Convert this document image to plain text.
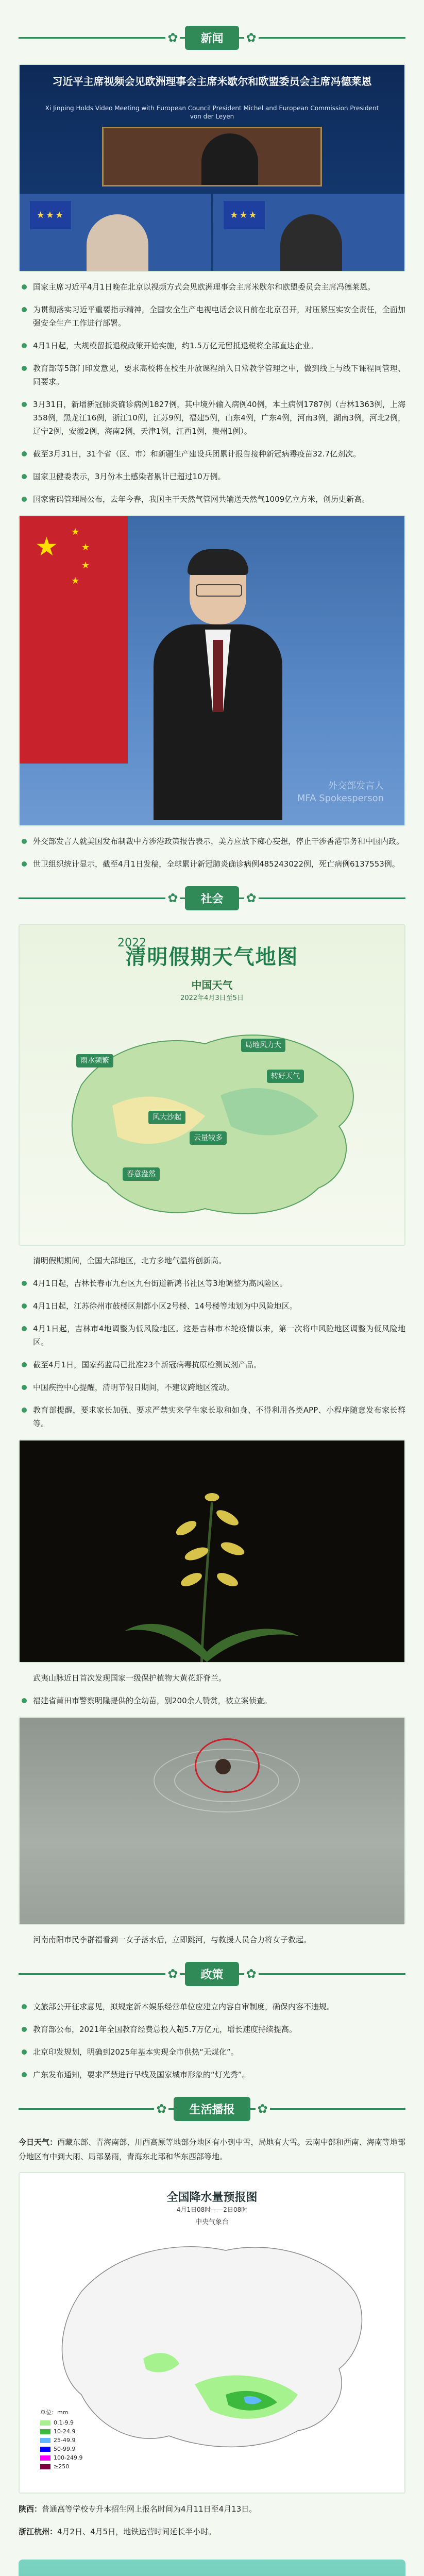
✿	新闻	✿
习近平主席视频会见欧洲理事会主席米歇尔和欧盟委员会主席冯德莱恩
Xi Jinping Holds Video Meeting with European Council President Michel and European Commission President von der Leyen
★★★	★★★

国家主席习近平4月1日晚在北京以视频方式会见欧洲理事会主席米歇尔和欧盟委员会主席冯德莱恩。

为贯彻落实习近平重要指示精神，全国安全生产电视电话会议日前在北京召开，对压紧压实安全责任，全面加强安全生产工作进行部署。

4月1日起，大规模留抵退税政策开始实施，约1.5万亿元留抵退税将全部直达企业。

教育部等5部门印发意见，要求高校将在校生开放课程纳入日常教学管理之中，做到线上与线下课程同管理、同要求。

3月31日，新增新冠肺炎确诊病例1827例，其中境外输入病例40例，本土病例1787例（吉林1363例，上海358例，黑龙江16例，浙江10例，江苏9例，福建5例，山东4例，广东4例，河南3例，湖南3例，河北2例，辽宁2例，安徽2例，海南2例，天津1例，江西1例，贵州1例）。

截至3月31日，31个省（区、市）和新疆生产建设兵团累计报告接种新冠病毒疫苗32.7亿剂次。

国家卫健委表示，3月份本土感染者累计已超过10万例。

国家密码管理局公布，去年今春，我国主干天然气管网共输送天然气1009亿立方米，创历史新高。

★ ★
★
★
★
外交部发言人
MFA Spokesperson

外交部发言人就美国发布制裁中方涉港政策报告表示，美方应放下痴心妄想，停止干涉香港事务和中国内政。

世卫组织统计显示，截至4月1日发稿，全球累计新冠肺炎确诊病例485243022例，死亡病例6137553例。

✿	社会	✿
2022
清明假期天气地图
中国天气
2022年4月3日至5日
雨水频繁
局地风力大
转好天气
云量较多
春意盎然
风大沙起

清明假期期间，全国大部地区，北方多地气温将创新高。

4月1日起，吉林长春市九台区九台街道新鸿书社区等3地调整为高风险区。

4月1日起，江苏徐州市鼓楼区荆都小区2号楼、14号楼等地划为中风险地区。

4月1日起，吉林市4地调整为低风险地区。这是吉林市本轮疫情以来，第一次将中风险地区调整为低风险地区。

截至4月1日，国家药监局已批准23个新冠病毒抗原检测试剂产品。

中国疾控中心提醒，清明节假日期间，不建议跨地区流动。

教育部提醒，要求家长加强、要求严禁实来学生家长取和如身、不得利用各类APP、小程序随意发布家长群等。

武夷山脉近日首次发现国家一级保护植物大黄花虾脊兰。

福建省莆田市警察明隆提供的全幼苗，别200余人赞赏，被立案侦查。

河南南阳市民李群福看到一女子落水后，立即跳河，与救援人员合力将女子救起。

✿	政策	✿

文旅部公开征求意见，拟规定新本娱乐经营单位应建立内容自审制度，确保内容不违规。

教育部公布，2021年全国教育经费总投入超5.7万亿元，增长速度持续提高。

北京印发规划，明确到2025年基本实现全市供热“无煤化”。

广东发布通知，要求严禁进行早线及国家城市形象的“灯光秀”。

✿	生活播报	✿

今日天气：西藏东部、青海南部、川西高原等地部分地区有小到中雪，局地有大雪。云南中部和西南、海南等地部分地区有中到大雨、局部暴雨，青海东北部和华东西部等地。

全国降水量预报图
4月1日08时——2日08时
中央气象台
单位：mm
0.1-9.9
10-24.9
25-49.9
50-99.9
100-249.9
≥250

陕西：普通高等学校专升本招生网上报名时间为4月11日至4月13日。

浙江杭州：4月2日、4月5日，地铁运营时间延长半小时。
